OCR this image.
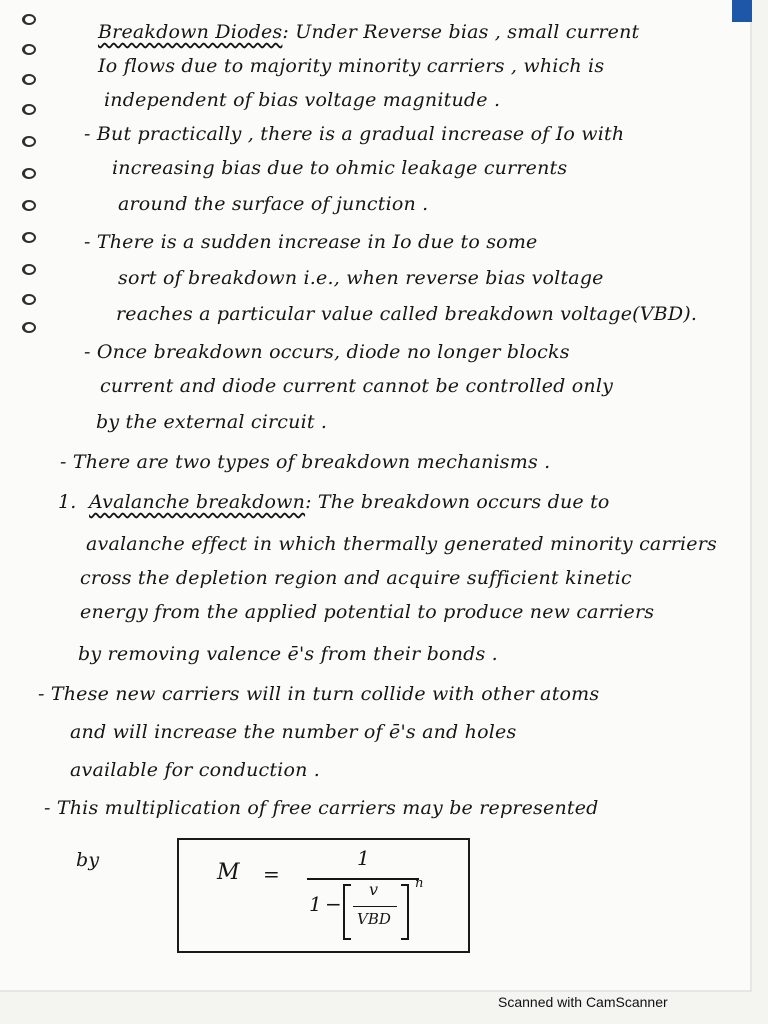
Breakdown Diodes: Under Reverse bias , small current
Io flows due to majority minority carriers , which is
independent of bias voltage magnitude .
- But practically , there is a gradual increase of Io with
increasing bias due to ohmic leakage currents
around the surface of junction .
- There is a sudden increase in Io due to some
sort of breakdown i.e., when reverse bias voltage
reaches a particular value called breakdown voltage(VBD).
- Once breakdown occurs, diode no longer blocks
current and diode current cannot be controlled only
by the external circuit .
- There are two types of breakdown mechanisms .
1. Avalanche breakdown: The breakdown occurs due to
avalanche effect in which thermally generated minority carriers
cross the depletion region and acquire sufficient kinetic
energy from the applied potential to produce new carriers
by removing valence ē's from their bonds .
- These new carriers will in turn collide with other atoms
and will increase the number of ē's and holes
available for conduction .
- This multiplication of free carriers may be represented
by	M =
1
1 −
v
VBD
n
Scanned with CamScanner
